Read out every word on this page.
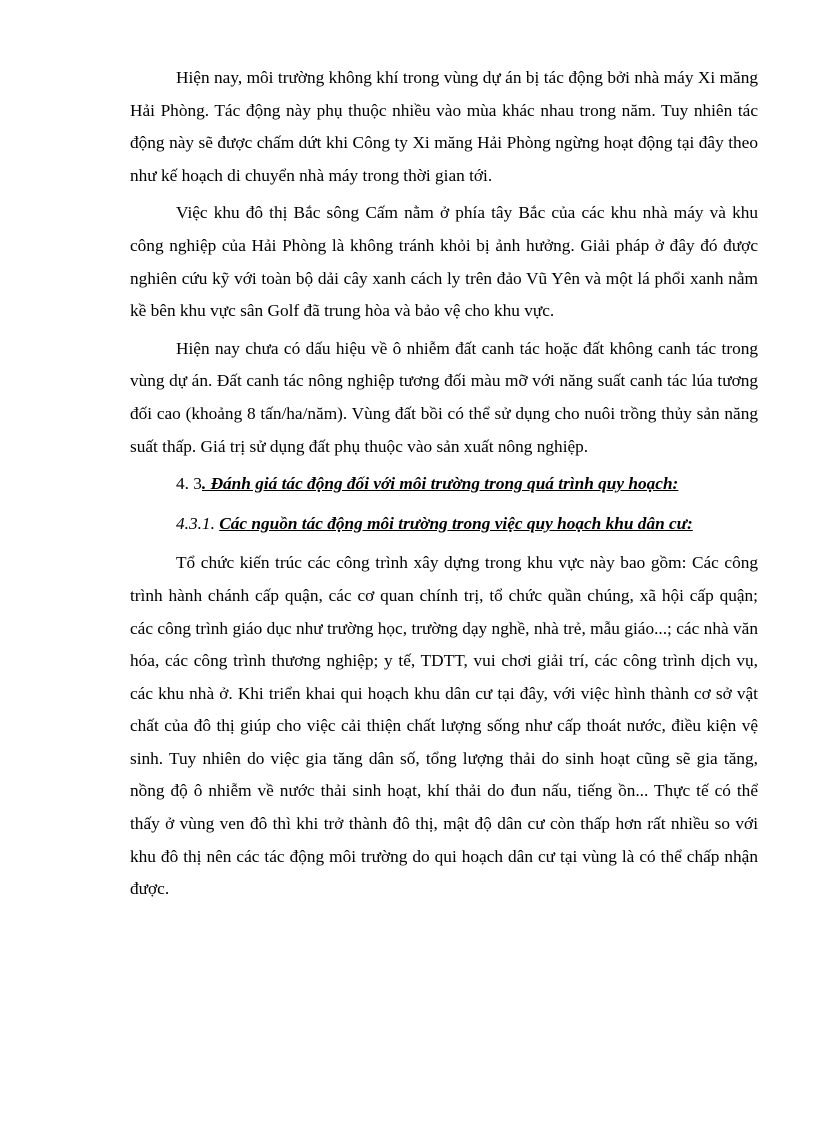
Hiện nay, môi trường không khí trong vùng dự án bị tác động bởi nhà máy Xi măng Hải Phòng. Tác động này phụ thuộc nhiều vào mùa khác nhau trong năm. Tuy nhiên tác động này sẽ được chấm dứt khi Công ty Xi măng Hải Phòng ngừng hoạt động tại đây theo như kế hoạch di chuyển nhà máy trong thời gian tới.

Việc khu đô thị Bắc sông Cấm nằm ở phía tây Bắc của các khu nhà máy và khu công nghiệp của Hải Phòng là không tránh khỏi bị ảnh hưởng. Giải pháp ở đây đó được nghiên cứu kỹ với toàn bộ dải cây xanh cách ly trên đảo Vũ Yên và một lá phổi xanh nằm kề bên khu vực sân Golf đã trung hòa và bảo vệ cho khu vực.

Hiện nay chưa có dấu hiệu về ô nhiễm đất canh tác hoặc đất không canh tác trong vùng dự án. Đất canh tác nông nghiệp tương đối màu mỡ với năng suất canh tác lúa tương đối cao (khoảng 8 tấn/ha/năm). Vùng đất bồi có thể sử dụng cho nuôi trồng thủy sản năng suất thấp. Giá trị sử dụng đất phụ thuộc vào sản xuất nông nghiệp.

4. 3. Đánh giá tác động đối với môi trường trong quá trình quy hoạch:

4.3.1. Các nguồn tác động môi trường trong việc quy hoạch khu dân cư:

Tổ chức kiến trúc các công trình xây dựng trong khu vực này bao gồm: Các công trình hành chánh cấp quận, các cơ quan chính trị, tổ chức quần chúng, xã hội cấp quận; các công trình giáo dục như trường học, trường dạy nghề, nhà trẻ, mẫu giáo...; các nhà văn hóa, các công trình thương nghiệp; y tế, TDTT, vui chơi giải trí, các công trình dịch vụ, các khu nhà ở. Khi triển khai qui hoạch khu dân cư tại đây, với việc hình thành cơ sở vật chất của đô thị giúp cho việc cải thiện chất lượng sống như cấp thoát nước, điều kiện vệ sinh. Tuy nhiên do việc gia tăng dân số, tổng lượng thải do sinh hoạt cũng sẽ gia tăng, nồng độ ô nhiễm về nước thải sinh hoạt, khí thải do đun nấu, tiếng ồn... Thực tế có thể thấy ở vùng ven đô thì khi trở thành đô thị, mật độ dân cư còn thấp hơn rất nhiều so với khu đô thị nên các tác động môi trường do qui hoạch dân cư tại vùng là có thể chấp nhận được.
